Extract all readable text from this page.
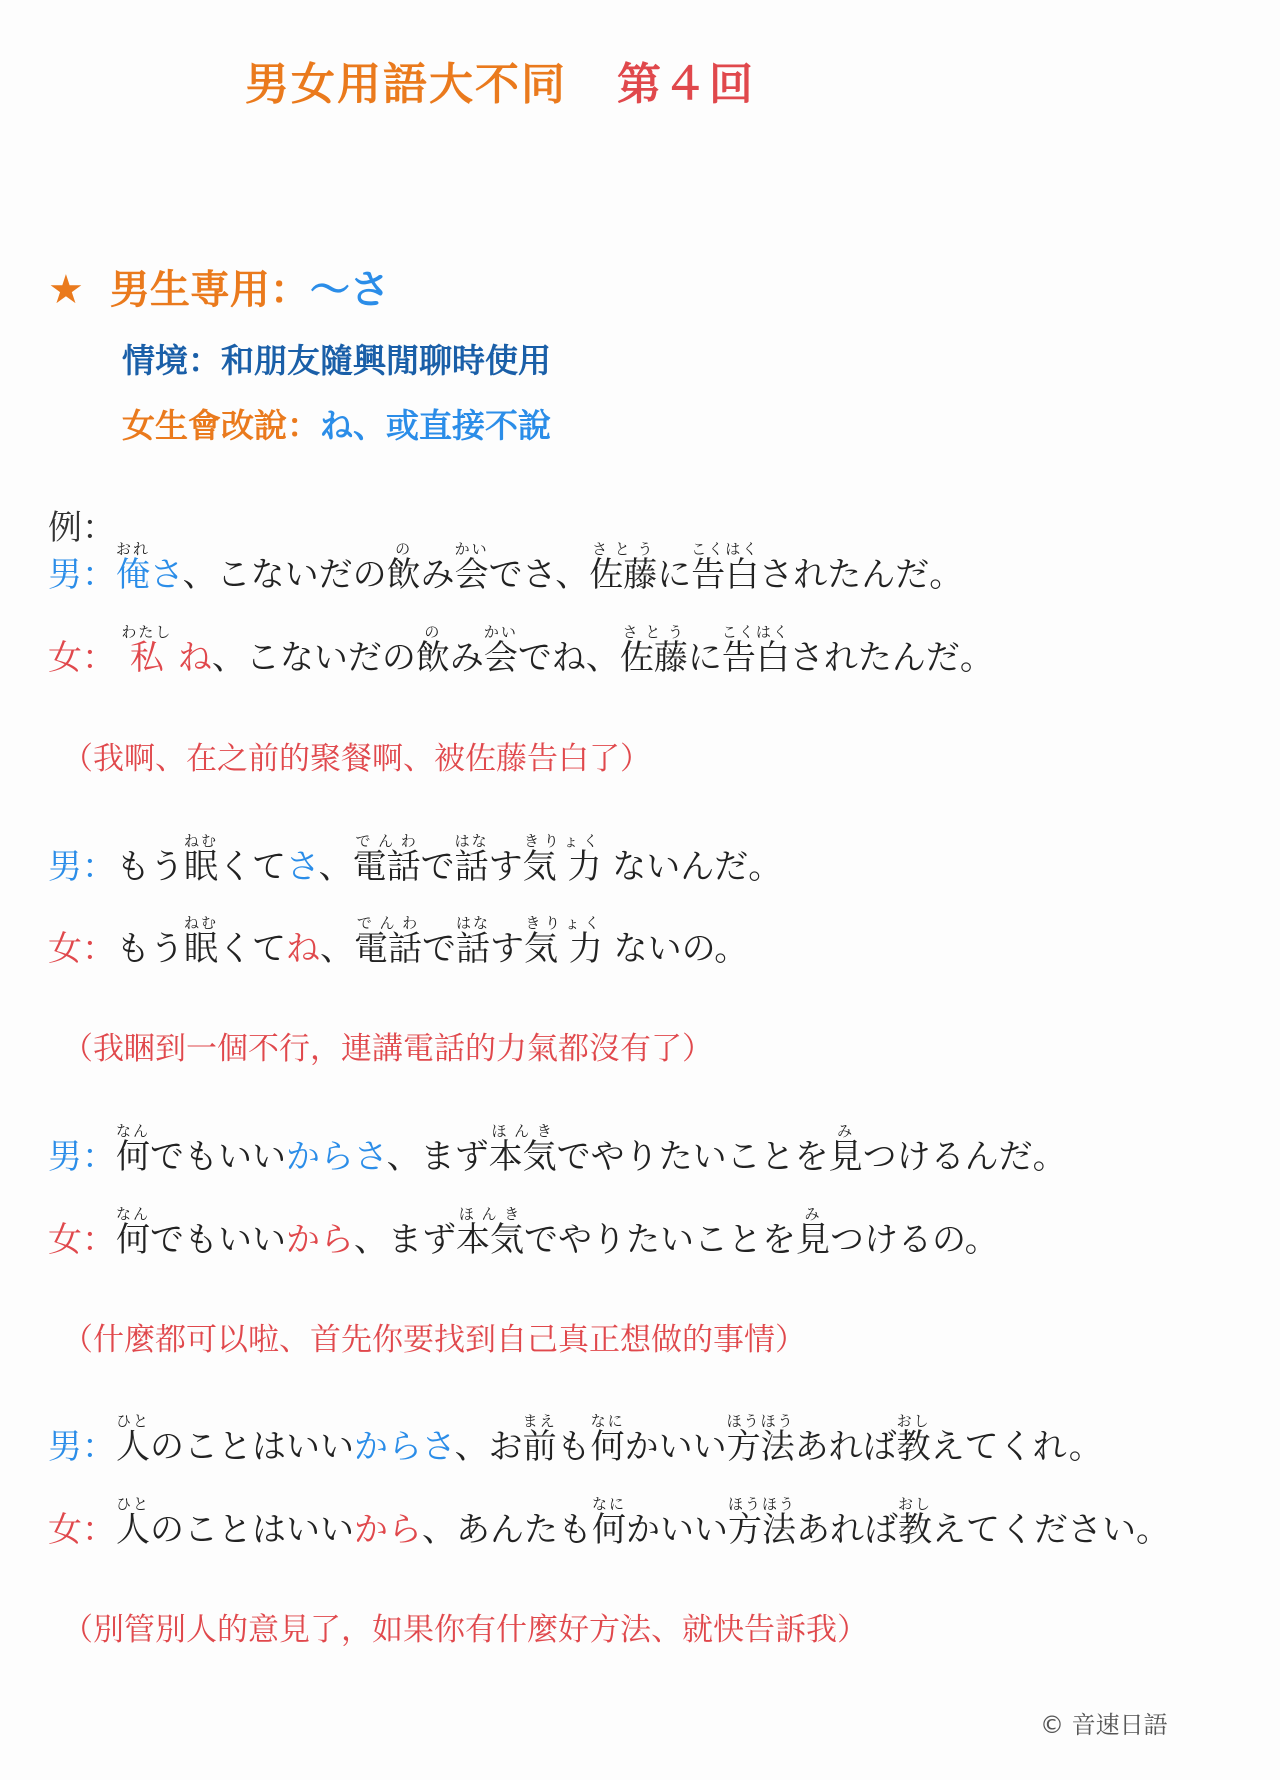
男女用語大不同 第４回
★ 男生専用：〜さ
情境：和朋友隨興閒聊時使用
女生會改說：ね、或直接不說
例：
男：俺おれさ、こないだの飲のみ会かいでさ、佐藤さとうに告白こくはくされたんだ。
女： 私わたし ね、こないだの飲のみ会かいでね、佐藤さとうに告白こくはくされたんだ。
（我啊、在之前的聚餐啊、被佐藤告白了）
男：もう眠ねむくてさ、電話でんわで話はなす気 力きりょく ないんだ。
女：もう眠ねむくてね、電話でんわで話はなす気 力きりょく ないの。
（我睏到一個不行，連講電話的力氣都沒有了）
男：何なんでもいいからさ、まず本気ほんきでやりたいことを見みつけるんだ。
女：何なんでもいいから、まず本気ほんきでやりたいことを見みつけるの。
（什麼都可以啦、首先你要找到自己真正想做的事情）
男：人ひとのことはいいからさ、お前まえも何なにかいい方法ほうほうあれば教おしえてくれ。
女：人ひとのことはいいから、あんたも何なにかいい方法ほうほうあれば教おしえてください。
（別管別人的意見了，如果你有什麼好方法、就快告訴我）
© 音速日語
